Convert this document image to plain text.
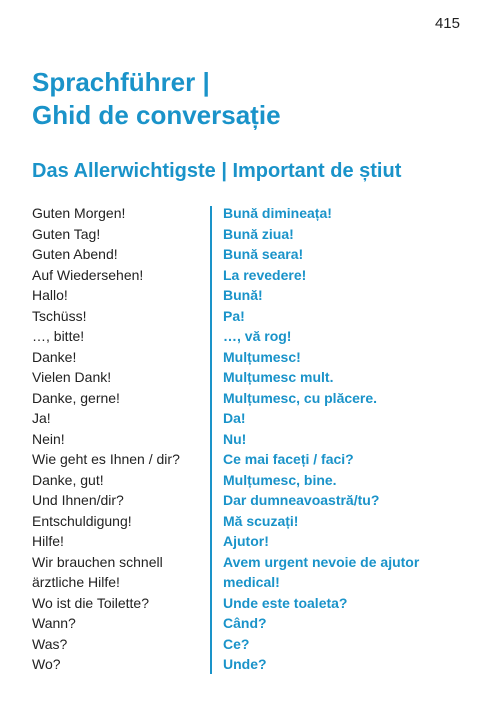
415
Sprachführer |
Ghid de conversație
Das Allerwichtigste | Important de știut
Guten Morgen!	Bună dimineața!
Guten Tag!	Bună ziua!
Guten Abend!	Bună seara!
Auf Wiedersehen!	La revedere!
Hallo!	Bună!
Tschüss!	Pa!
…, bitte!	…, vă rog!
Danke!	Mulțumesc!
Vielen Dank!	Mulțumesc mult.
Danke, gerne!	Mulțumesc, cu plăcere.
Ja!	Da!
Nein!	Nu!
Wie geht es Ihnen / dir?	Ce mai faceți / faci?
Danke, gut!	Mulțumesc, bine.
Und Ihnen/dir?	Dar dumneavoastră/tu?
Entschuldigung!	Mă scuzați!
Hilfe!	Ajutor!
Wir brauchen schnell	Avem urgent nevoie de ajutor
ärztliche Hilfe!	medical!
Wo ist die Toilette?	Unde este toaleta?
Wann?	Când?
Was?	Ce?
Wo?	Unde?
